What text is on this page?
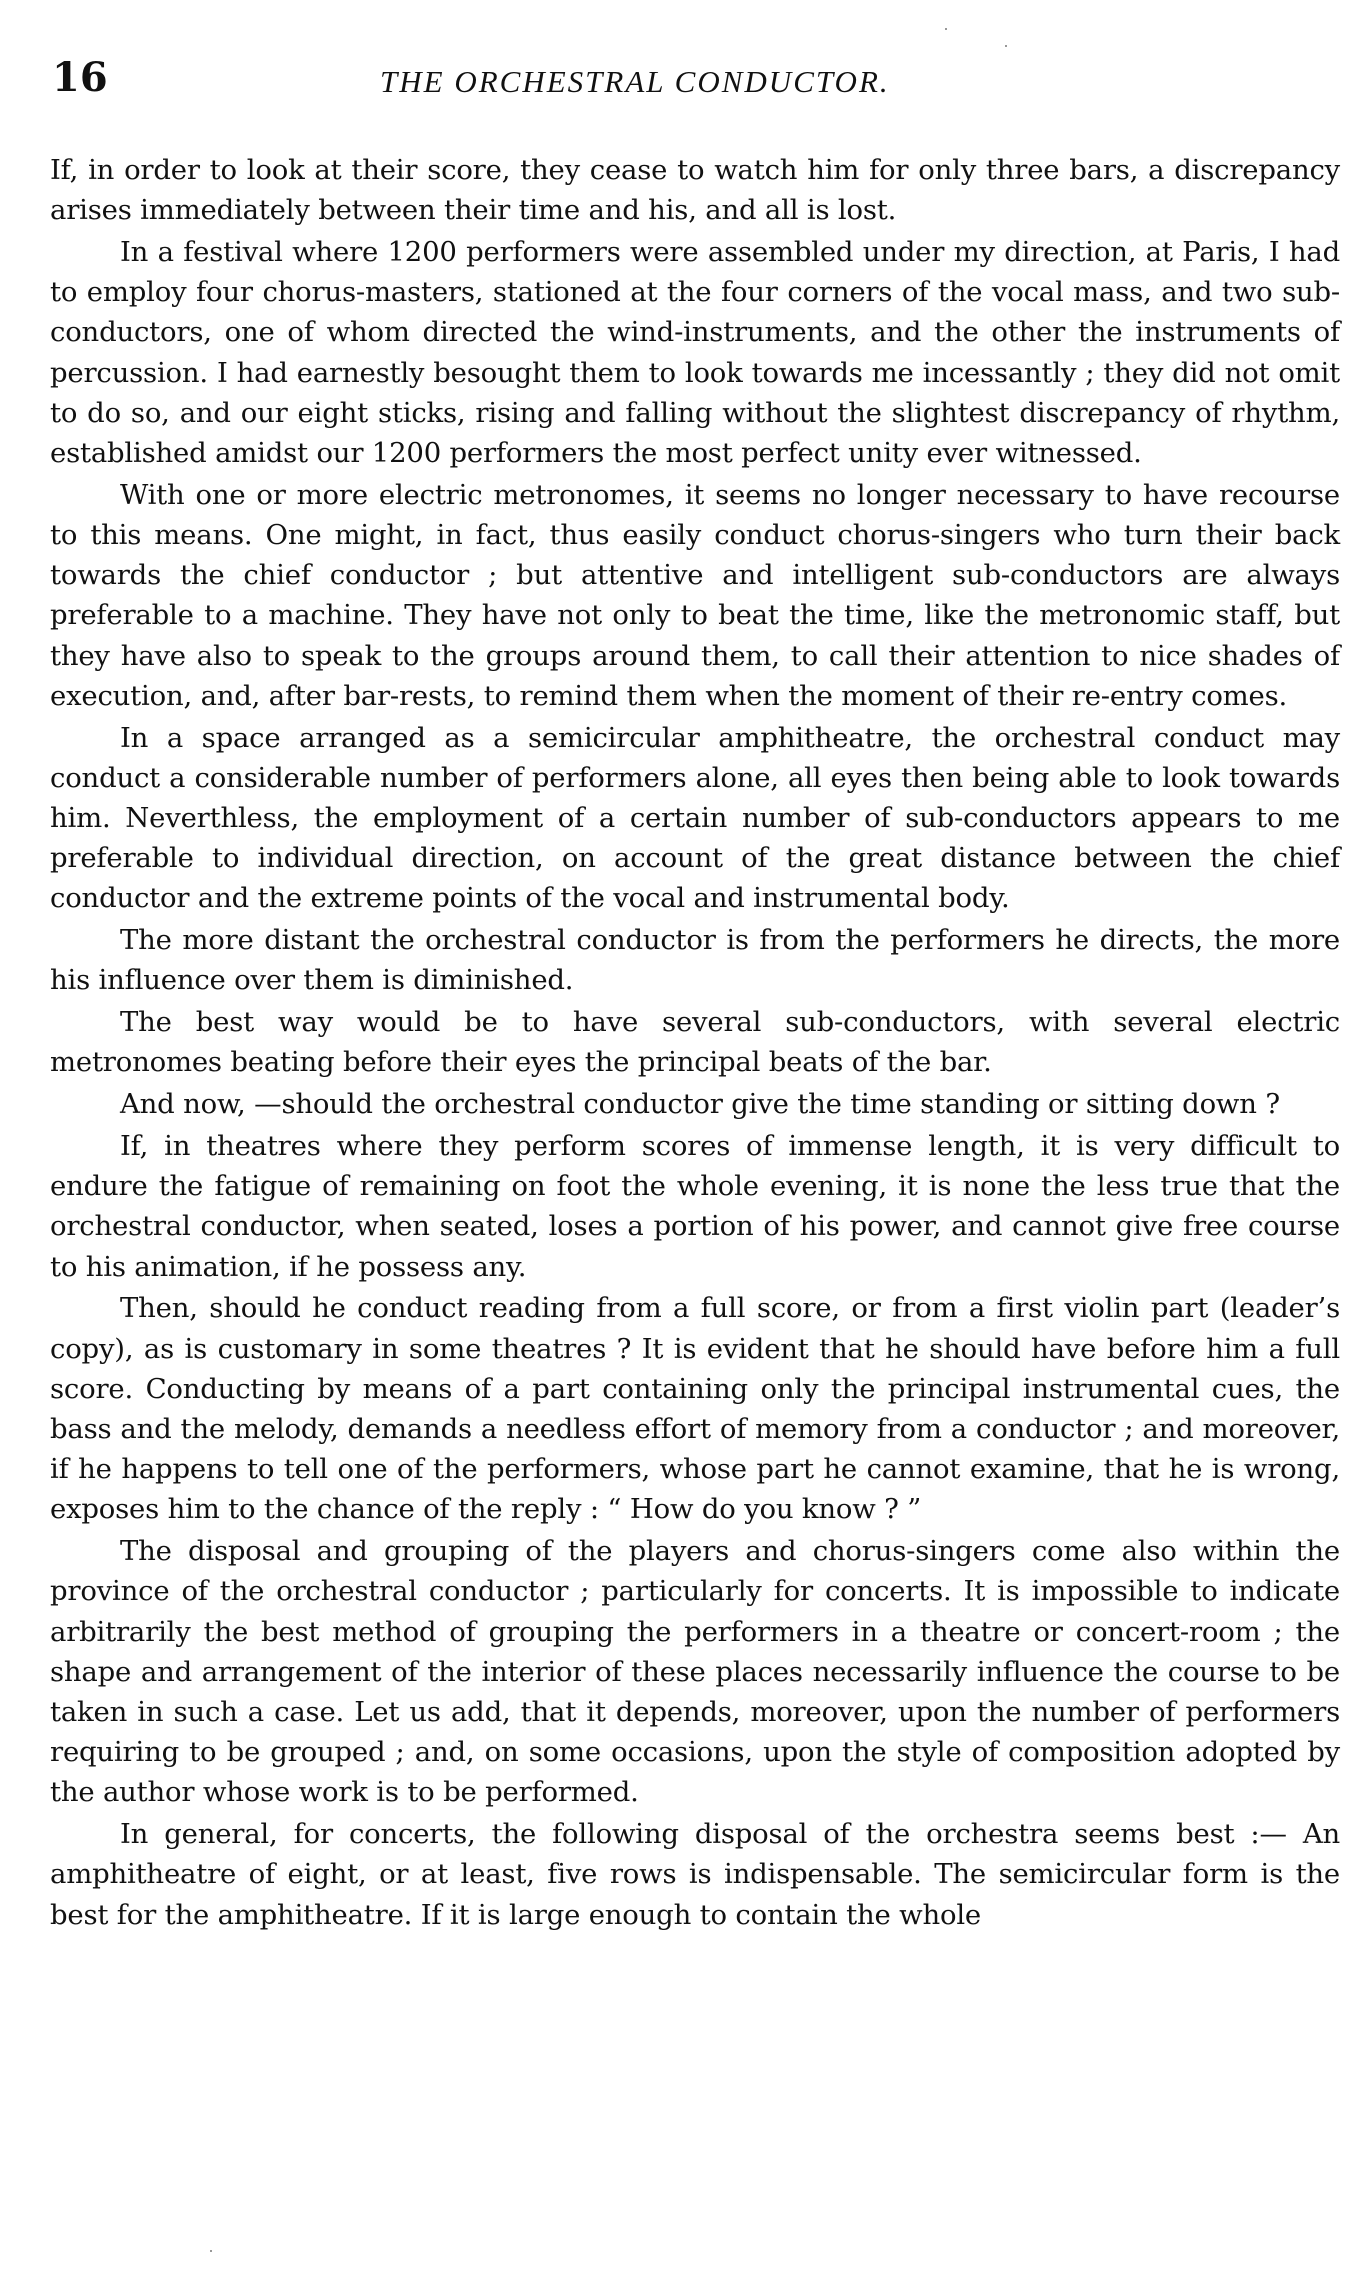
16	THE ORCHESTRAL CONDUCTOR.

If, in order to look at their score, they cease to watch him for only three bars, a discrepancy arises immediately between their time and his, and all is lost.

In a festival where 1200 performers were assembled under my direction, at Paris, I had to employ four chorus-masters, stationed at the four corners of the vocal mass, and two sub-conductors, one of whom directed the wind-instruments, and the other the instruments of percussion. I had earnestly besought them to look towards me incessantly ; they did not omit to do so, and our eight sticks, rising and falling without the slightest discrepancy of rhythm, established amidst our 1200 performers the most perfect unity ever witnessed.

With one or more electric metronomes, it seems no longer necessary to have recourse to this means. One might, in fact, thus easily conduct chorus-singers who turn their back towards the chief conductor ; but attentive and intelligent sub-conductors are always preferable to a machine. They have not only to beat the time, like the metronomic staff, but they have also to speak to the groups around them, to call their attention to nice shades of execution, and, after bar-rests, to remind them when the moment of their re-entry comes.

In a space arranged as a semicircular amphitheatre, the orchestral conduct may conduct a considerable number of performers alone, all eyes then being able to look towards him. Neverthless, the employment of a certain number of sub-conductors appears to me preferable to individual direction, on account of the great distance between the chief conductor and the extreme points of the vocal and instrumental body.

The more distant the orchestral conductor is from the performers he directs, the more his influence over them is diminished.

The best way would be to have several sub-conductors, with several electric metronomes beating before their eyes the principal beats of the bar.

And now, —should the orchestral conductor give the time standing or sitting down ?

If, in theatres where they perform scores of immense length, it is very difficult to endure the fatigue of remaining on foot the whole evening, it is none the less true that the orchestral conductor, when seated, loses a portion of his power, and cannot give free course to his animation, if he possess any.

Then, should he conduct reading from a full score, or from a first violin part (leader’s copy), as is customary in some theatres ? It is evident that he should have before him a full score. Conducting by means of a part containing only the principal instrumental cues, the bass and the melody, demands a needless effort of memory from a conductor ; and moreover, if he happens to tell one of the performers, whose part he cannot examine, that he is wrong, exposes him to the chance of the reply : “ How do you know ? ”

The disposal and grouping of the players and chorus-singers come also within the province of the orchestral conductor ; particularly for concerts. It is impossible to indicate arbitrarily the best method of grouping the performers in a theatre or concert-room ; the shape and arrangement of the interior of these places necessarily influence the course to be taken in such a case. Let us add, that it depends, moreover, upon the number of performers requiring to be grouped ; and, on some occasions, upon the style of composition adopted by the author whose work is to be performed.

In general, for concerts, the following disposal of the orchestra seems best :— An amphitheatre of eight, or at least, five rows is indispensable. The semicircular form is the best for the amphitheatre. If it is large enough to contain the whole
